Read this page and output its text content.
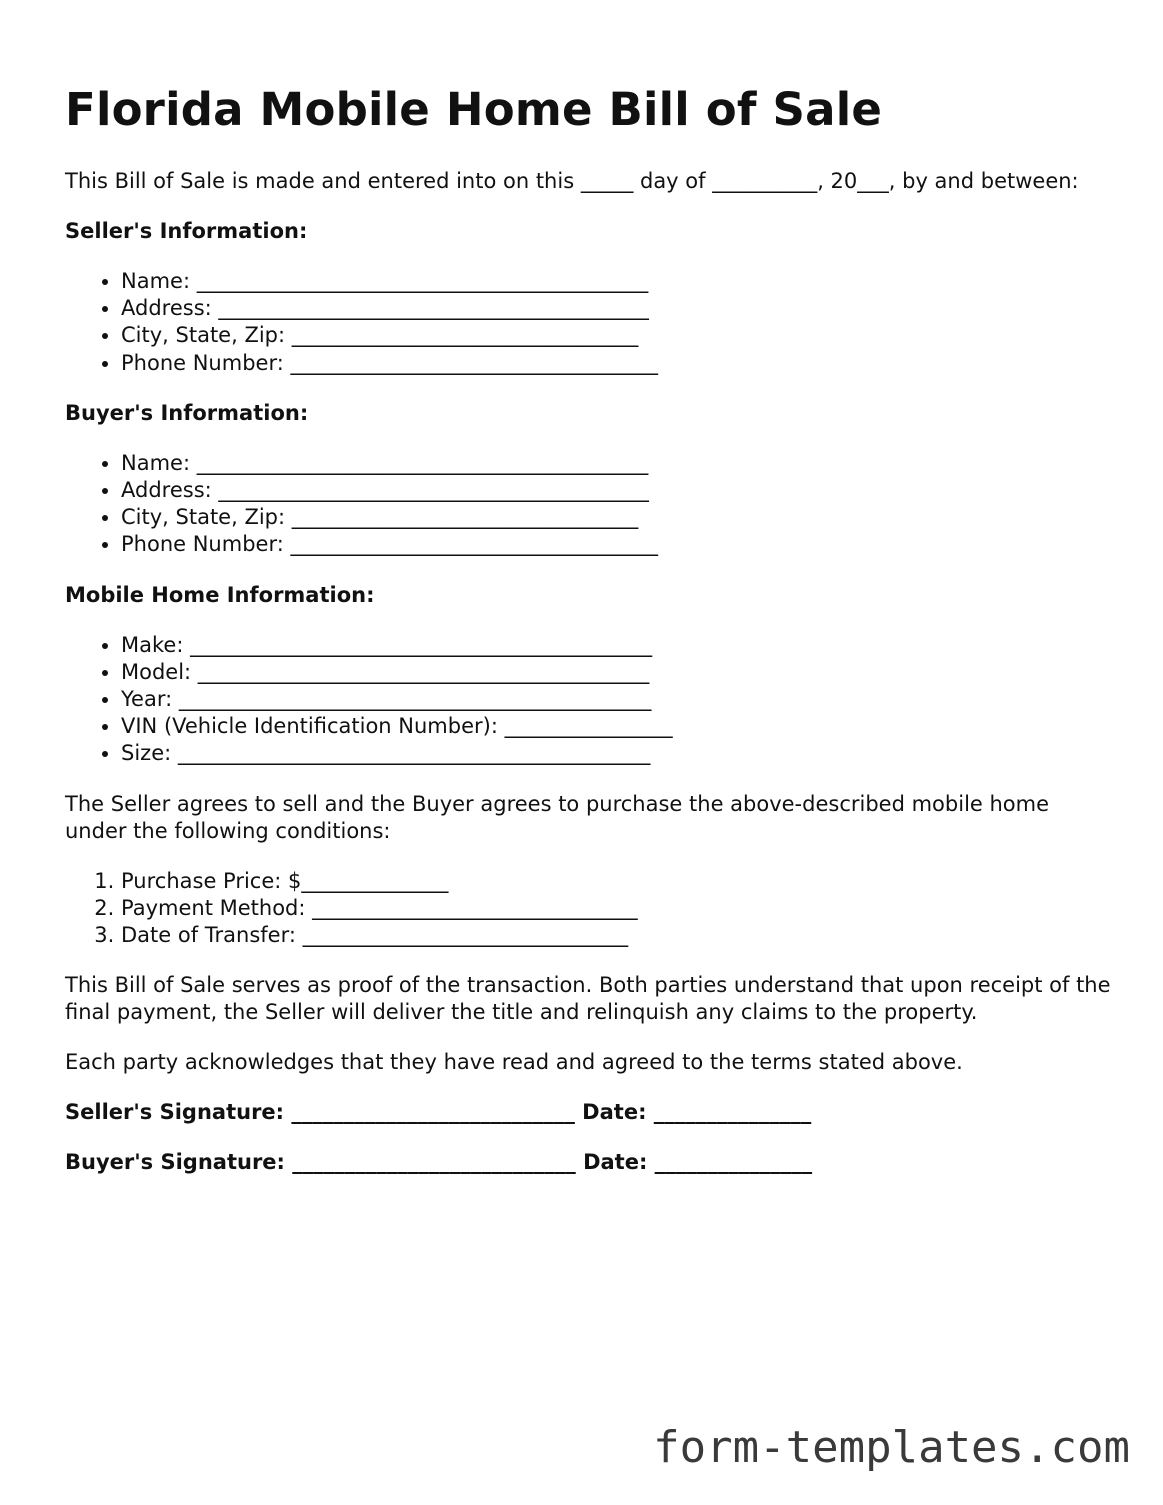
Florida Mobile Home Bill of Sale

This Bill of Sale is made and entered into on this _____ day of __________, 20___, by and between:

Seller's Information:
• Name: ___________________________________________
• Address: _________________________________________
• City, State, Zip: _________________________________
• Phone Number: ___________________________________
Buyer's Information:
• Name: ___________________________________________
• Address: _________________________________________
• City, State, Zip: _________________________________
• Phone Number: ___________________________________
Mobile Home Information:
• Make: ____________________________________________
• Model: ___________________________________________
• Year: _____________________________________________
• VIN (Vehicle Identification Number): ________________
• Size: _____________________________________________

The Seller agrees to sell and the Buyer agrees to purchase the above-described mobile home under the following conditions:

1. Purchase Price: $______________
2. Payment Method: _______________________________
3. Date of Transfer: _______________________________

This Bill of Sale serves as proof of the transaction. Both parties understand that upon receipt of the final payment, the Seller will deliver the title and relinquish any claims to the property.

Each party acknowledges that they have read and agreed to the terms stated above.

Seller's Signature: ___________________________ Date: _______________
Buyer's Signature: ___________________________ Date: _______________
form-templates.com
